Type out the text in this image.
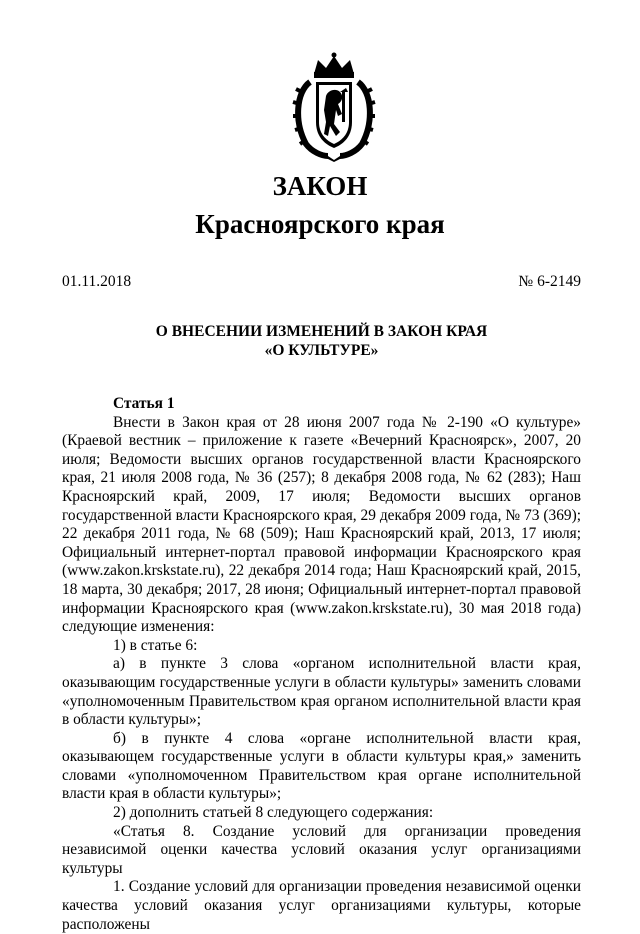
ЗАКОН
Красноярского края
01.11.2018	№ 6-2149
О ВНЕСЕНИИ ИЗМЕНЕНИЙ В ЗАКОН КРАЯ
«О КУЛЬТУРЕ»
Статья 1

Внести в Закон края от 28 июня 2007 года № 2-190 «О культуре» (Краевой вестник – приложение к газете «Вечерний Красноярск», 2007, 20 июля; Ведомости высших органов государственной власти Красноярского края, 21 июля 2008 года, № 36 (257); 8 декабря 2008 года, № 62 (283); Наш Красноярский край, 2009, 17 июля; Ведомости высших органов государственной власти Красноярского края, 29 декабря 2009 года, № 73 (369); 22 декабря 2011 года, № 68 (509); Наш Красноярский край, 2013, 17 июля; Официальный интернет-портал правовой информации Красноярского края (www.zakon.krskstate.ru), 22 декабря 2014 года; Наш Красноярский край, 2015, 18 марта, 30 декабря; 2017, 28 июня; Официальный интернет-портал правовой информации Красноярского края (www.zakon.krskstate.ru), 30 мая 2018 года) следующие изменения:

1) в статье 6:

а) в пункте 3 слова «органом исполнительной власти края, оказывающим государственные услуги в области культуры» заменить словами «уполномоченным Правительством края органом исполнительной власти края в области культуры»;

б) в пункте 4 слова «органе исполнительной власти края, оказывающем государственные услуги в области культуры края,» заменить словами «уполномоченном Правительством края органе исполнительной власти края в области культуры»;

2) дополнить статьей 8 следующего содержания:

«Статья 8. Создание условий для организации проведения независимой оценки качества условий оказания услуг организациями культуры

1. Создание условий для организации проведения независимой оценки качества условий оказания услуг организациями культуры, которые расположены
